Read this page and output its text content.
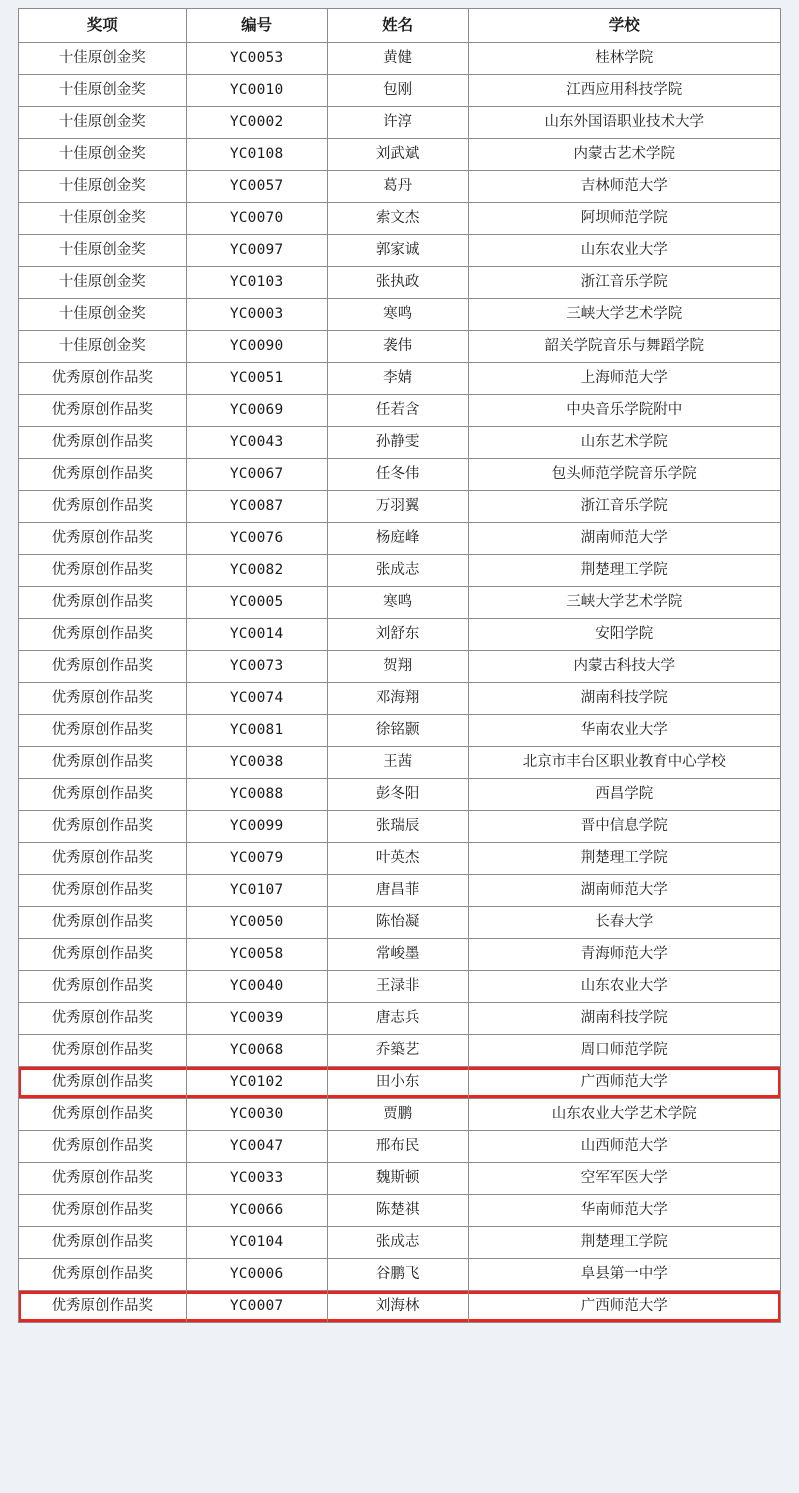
奖项	编号	姓名	学校
十佳原创金奖	YC0053	黄健	桂林学院
十佳原创金奖	YC0010	包刚	江西应用科技学院
十佳原创金奖	YC0002	许淳	山东外国语职业技术大学
十佳原创金奖	YC0108	刘武斌	内蒙古艺术学院
十佳原创金奖	YC0057	葛丹	吉林师范大学
十佳原创金奖	YC0070	索文杰	阿坝师范学院
十佳原创金奖	YC0097	郭家诚	山东农业大学
十佳原创金奖	YC0103	张执政	浙江音乐学院
十佳原创金奖	YC0003	寒鸣	三峡大学艺术学院
十佳原创金奖	YC0090	袭伟	韶关学院音乐与舞蹈学院
优秀原创作品奖	YC0051	李婧	上海师范大学
优秀原创作品奖	YC0069	任若含	中央音乐学院附中
优秀原创作品奖	YC0043	孙静雯	山东艺术学院
优秀原创作品奖	YC0067	任冬伟	包头师范学院音乐学院
优秀原创作品奖	YC0087	万羽翼	浙江音乐学院
优秀原创作品奖	YC0076	杨庭峰	湖南师范大学
优秀原创作品奖	YC0082	张成志	荆楚理工学院
优秀原创作品奖	YC0005	寒鸣	三峡大学艺术学院
优秀原创作品奖	YC0014	刘舒东	安阳学院
优秀原创作品奖	YC0073	贺翔	内蒙古科技大学
优秀原创作品奖	YC0074	邓海翔	湖南科技学院
优秀原创作品奖	YC0081	徐铭颢	华南农业大学
优秀原创作品奖	YC0038	王茜	北京市丰台区职业教育中心学校
优秀原创作品奖	YC0088	彭冬阳	西昌学院
优秀原创作品奖	YC0099	张瑞辰	晋中信息学院
优秀原创作品奖	YC0079	叶英杰	荆楚理工学院
优秀原创作品奖	YC0107	唐昌菲	湖南师范大学
优秀原创作品奖	YC0050	陈怡凝	长春大学
优秀原创作品奖	YC0058	常峻墨	青海师范大学
优秀原创作品奖	YC0040	王渌非	山东农业大学
优秀原创作品奖	YC0039	唐志兵	湖南科技学院
优秀原创作品奖	YC0068	乔築艺	周口师范学院
优秀原创作品奖	YC0102	田小东	广西师范大学
优秀原创作品奖	YC0030	贾鹏	山东农业大学艺术学院
优秀原创作品奖	YC0047	邢布民	山西师范大学
优秀原创作品奖	YC0033	魏斯顿	空军军医大学
优秀原创作品奖	YC0066	陈楚祺	华南师范大学
优秀原创作品奖	YC0104	张成志	荆楚理工学院
优秀原创作品奖	YC0006	谷鹏飞	阜县第一中学
优秀原创作品奖	YC0007	刘海林	广西师范大学
